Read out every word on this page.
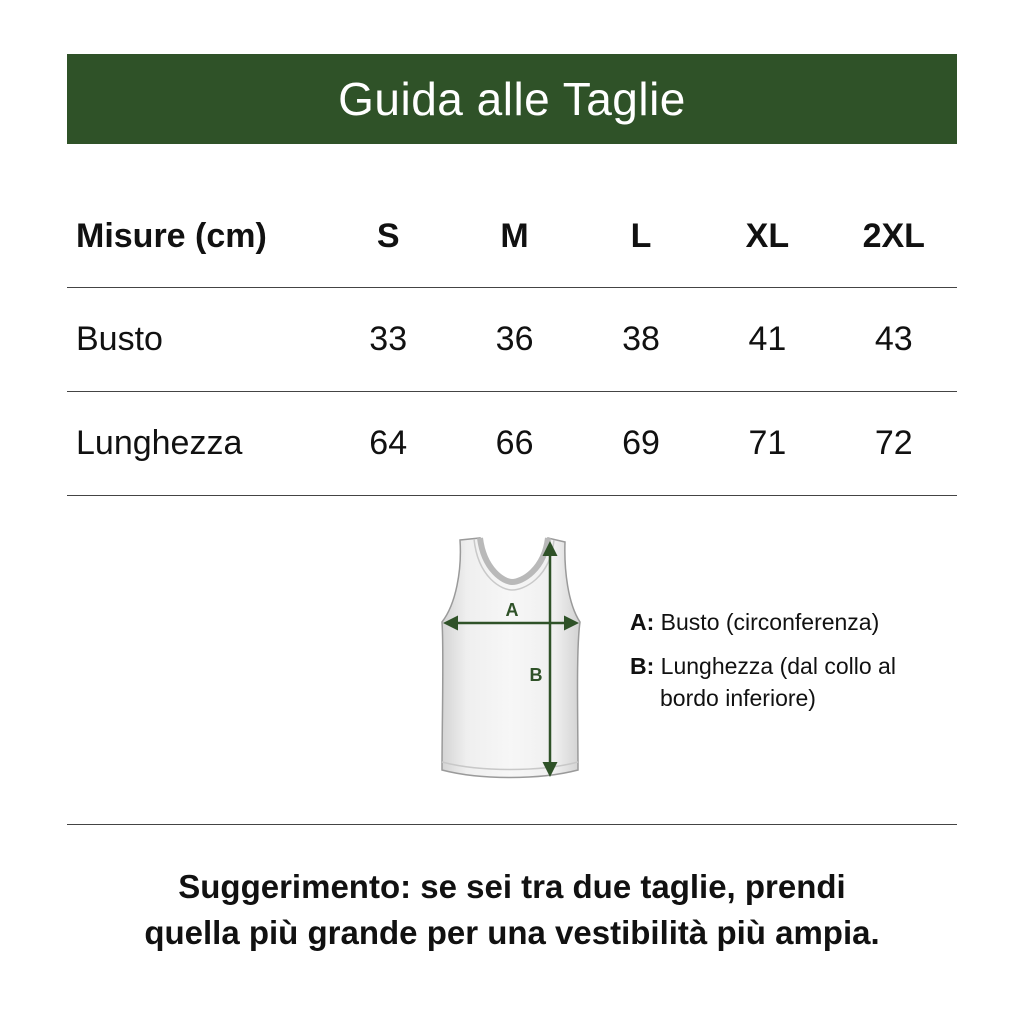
Guida alle Taglie
Misure (cm)	S	M	L	XL	2XL
Busto	33	36	38	41	43
Lunghezza	64	66	69	71	72
A
B
A: Busto (circonferenza)
B: Lunghezza (dal collo al
bordo inferiore)
Suggerimento: se sei tra due taglie, prendi
quella più grande per una vestibilità più ampia.
